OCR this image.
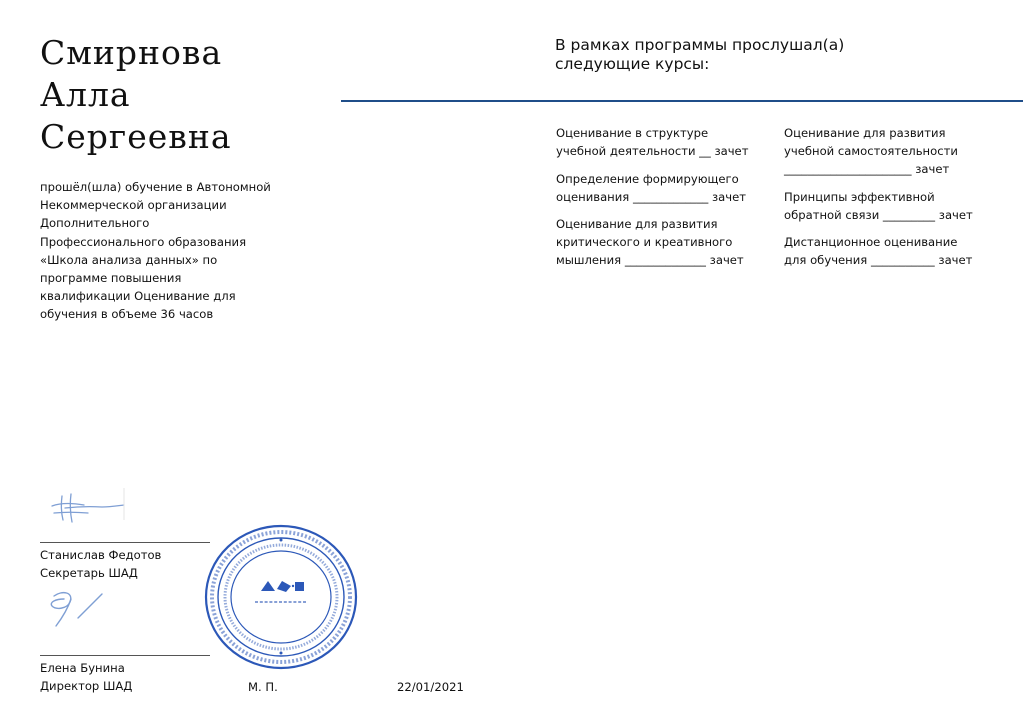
Смирнова
Алла
Сергеевна
прошёл(шла) обучение в Автономной
Некоммерческой организации
Дополнительного
Профессионального образования
«Школа анализа данных» по
программе повышения
квалификации Оценивание для
обучения в объеме 36 часов
В рамках программы прослушал(а)
следующие курсы:
Оценивание в структуре
учебной деятельности __ зачет
Определение формирующего
оценивания _____________ зачет
Оценивание для развития
критического и креативного
мышления ______________ зачет
Оценивание для развития
учебной самостоятельности
______________________ зачет
Принципы эффективной
обратной связи _________ зачет
Дистанционное оценивание
для обучения ___________ зачет
Станислав Федотов
Секретарь ШАД
Елена Бунина
Директор ШАД	М. П.	22/01/2021
